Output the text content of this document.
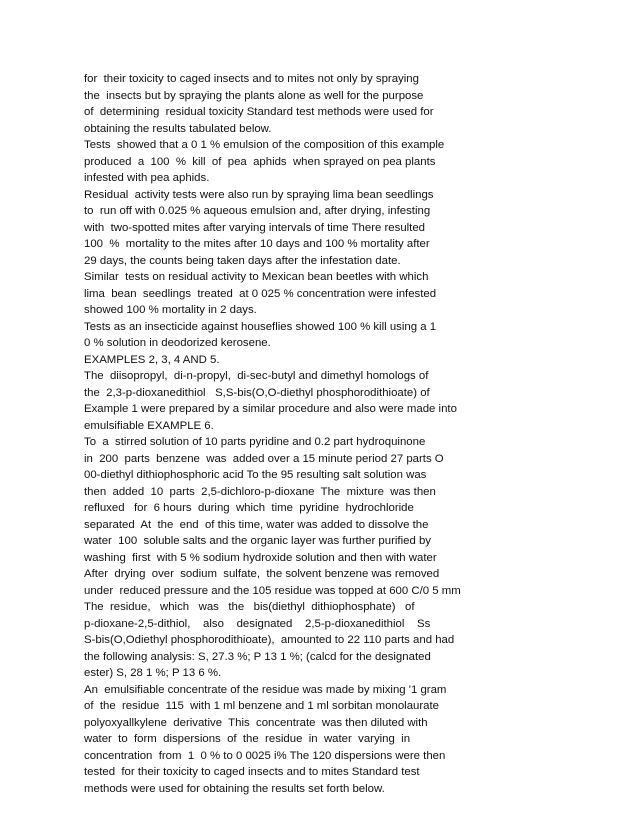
for  their toxicity to caged insects and to mites not only by spraying
the  insects but by spraying the plants alone as well for the purpose
of  determining  residual toxicity Standard test methods were used for
obtaining the results tabulated below.
Tests  showed that a 0 1 % emulsion of the composition of this example
produced  a  100  %  kill  of  pea  aphids  when sprayed on pea plants
infested with pea aphids.
Residual  activity tests were also run by spraying lima bean seedlings
to  run off with 0.025 % aqueous emulsion and, after drying, infesting
with  two-spotted mites after varying intervals of time There resulted
100  %  mortality to the mites after 10 days and 100 % mortality after
29 days, the counts being taken days after the infestation date.
Similar  tests on residual activity to Mexican bean beetles with which
lima  bean  seedlings  treated  at 0 025 % concentration were infested
showed 100 % mortality in 2 days.
Tests as an insecticide against houseflies showed 100 % kill using a 1
0 % solution in deodorized kerosene.
EXAMPLES 2, 3, 4 AND 5.
The  diisopropyl,  di-n-propyl,  di-sec-butyl and dimethyl homologs of
the  2,3-p-dioxanedithiol   S,S-bis(O,O-diethyl phosphorodithioate) of
Example 1 were prepared by a similar procedure and also were made into
emulsifiable EXAMPLE 6.
To  a  stirred solution of 10 parts pyridine and 0.2 part hydroquinone
in  200  parts  benzene  was  added over a 15 minute period 27 parts O
00-diethyl dithiophosphoric acid To the 95 resulting salt solution was
then  added  10  parts  2,5-dichloro-p-dioxane  The  mixture  was then
refluxed   for  6 hours  during  which  time  pyridine  hydrochloride
separated  At  the  end  of this time, water was added to dissolve the
water  100  soluble salts and the organic layer was further purified by
washing  first  with 5 % sodium hydroxide solution and then with water
After  drying  over  sodium  sulfate,  the solvent benzene was removed
under  reduced pressure and the 105 residue was topped at 600 C/0 5 mm
The  residue,   which   was   the   bis(diethyl  dithiophosphate)   of
p-dioxane-2,5-dithiol,    also    designated    2,5-p-dioxanedithiol    Ss
S-bis(O,Odiethyl phosphorodithioate),  amounted to 22 110 parts and had
the following analysis: S, 27.3 %; P 13 1 %; (calcd for the designated
ester) S, 28 1 %; P 13 6 %.
An  emulsifiable concentrate of the residue was made by mixing '1 gram
of  the  residue  115  with 1 ml benzene and 1 ml sorbitan monolaurate
polyoxyallkylene  derivative  This  concentrate  was then diluted with
water  to  form  dispersions  of  the  residue  in  water  varying  in
concentration  from  1  0 % to 0 0025 i% The 120 dispersions were then
tested  for their toxicity to caged insects and to mites Standard test
methods were used for obtaining the results set forth below.
